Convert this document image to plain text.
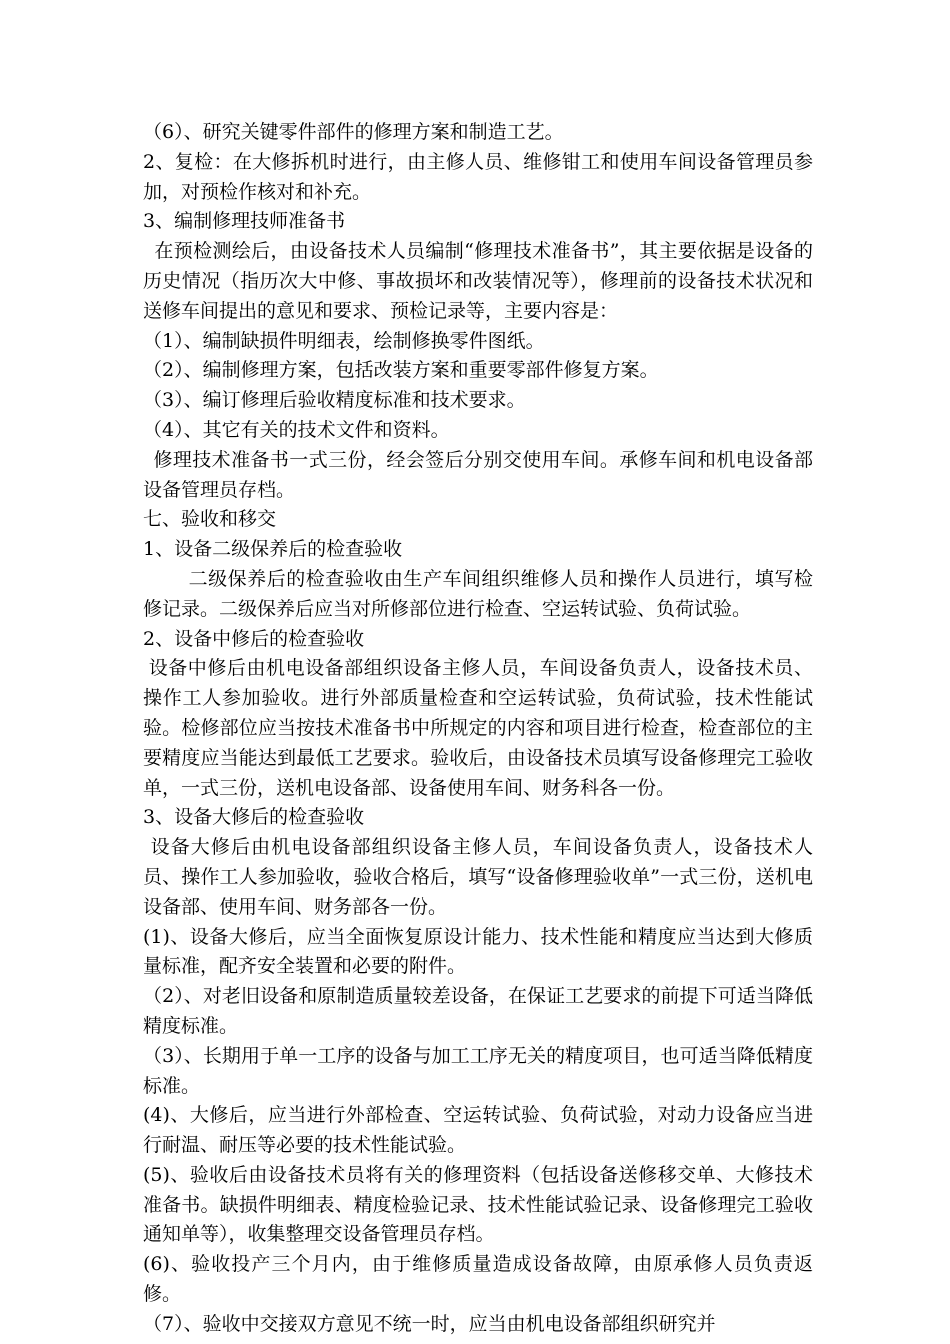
（6）、研究关键零件部件的修理方案和制造工艺。

2、复检：在大修拆机时进行，由主修人员、维修钳工和使用车间设备管理员参加，对预检作核对和补充。

3、编制修理技师准备书

在预检测绘后，由设备技术人员编制“修理技术准备书”，其主要依据是设备的历史情况（指历次大中修、事故损坏和改装情况等），修理前的设备技术状况和送修车间提出的意见和要求、预检记录等，主要内容是：

（1）、编制缺损件明细表，绘制修换零件图纸。

（2）、编制修理方案，包括改装方案和重要零部件修复方案。

（3）、编订修理后验收精度标准和技术要求。

（4）、其它有关的技术文件和资料。

修理技术准备书一式三份，经会签后分别交使用车间。承修车间和机电设备部设备管理员存档。

七、验收和移交

1、设备二级保养后的检查验收

二级保养后的检查验收由生产车间组织维修人员和操作人员进行，填写检修记录。二级保养后应当对所修部位进行检查、空运转试验、负荷试验。

2、设备中修后的检查验收

设备中修后由机电设备部组织设备主修人员，车间设备负责人，设备技术员、操作工人参加验收。进行外部质量检查和空运转试验，负荷试验，技术性能试验。检修部位应当按技术准备书中所规定的内容和项目进行检查，检查部位的主要精度应当能达到最低工艺要求。验收后，由设备技术员填写设备修理完工验收单，一式三份，送机电设备部、设备使用车间、财务科各一份。

3、设备大修后的检查验收

设备大修后由机电设备部组织设备主修人员，车间设备负责人，设备技术人员、操作工人参加验收，验收合格后，填写“设备修理验收单”一式三份，送机电设备部、使用车间、财务部各一份。

(1)、设备大修后，应当全面恢复原设计能力、技术性能和精度应当达到大修质量标准，配齐安全装置和必要的附件。

（2）、对老旧设备和原制造质量较差设备，在保证工艺要求的前提下可适当降低精度标准。

（3）、长期用于单一工序的设备与加工工序无关的精度项目，也可适当降低精度标准。

(4)、大修后，应当进行外部检查、空运转试验、负荷试验，对动力设备应当进行耐温、耐压等必要的技术性能试验。

(5)、验收后由设备技术员将有关的修理资料（包括设备送修移交单、大修技术准备书。缺损件明细表、精度检验记录、技术性能试验记录、设备修理完工验收通知单等），收集整理交设备管理员存档。

(6)、验收投产三个月内，由于维修质量造成设备故障，由原承修人员负责返修。

（7）、验收中交接双方意见不统一时，应当由机电设备部组织研究并
